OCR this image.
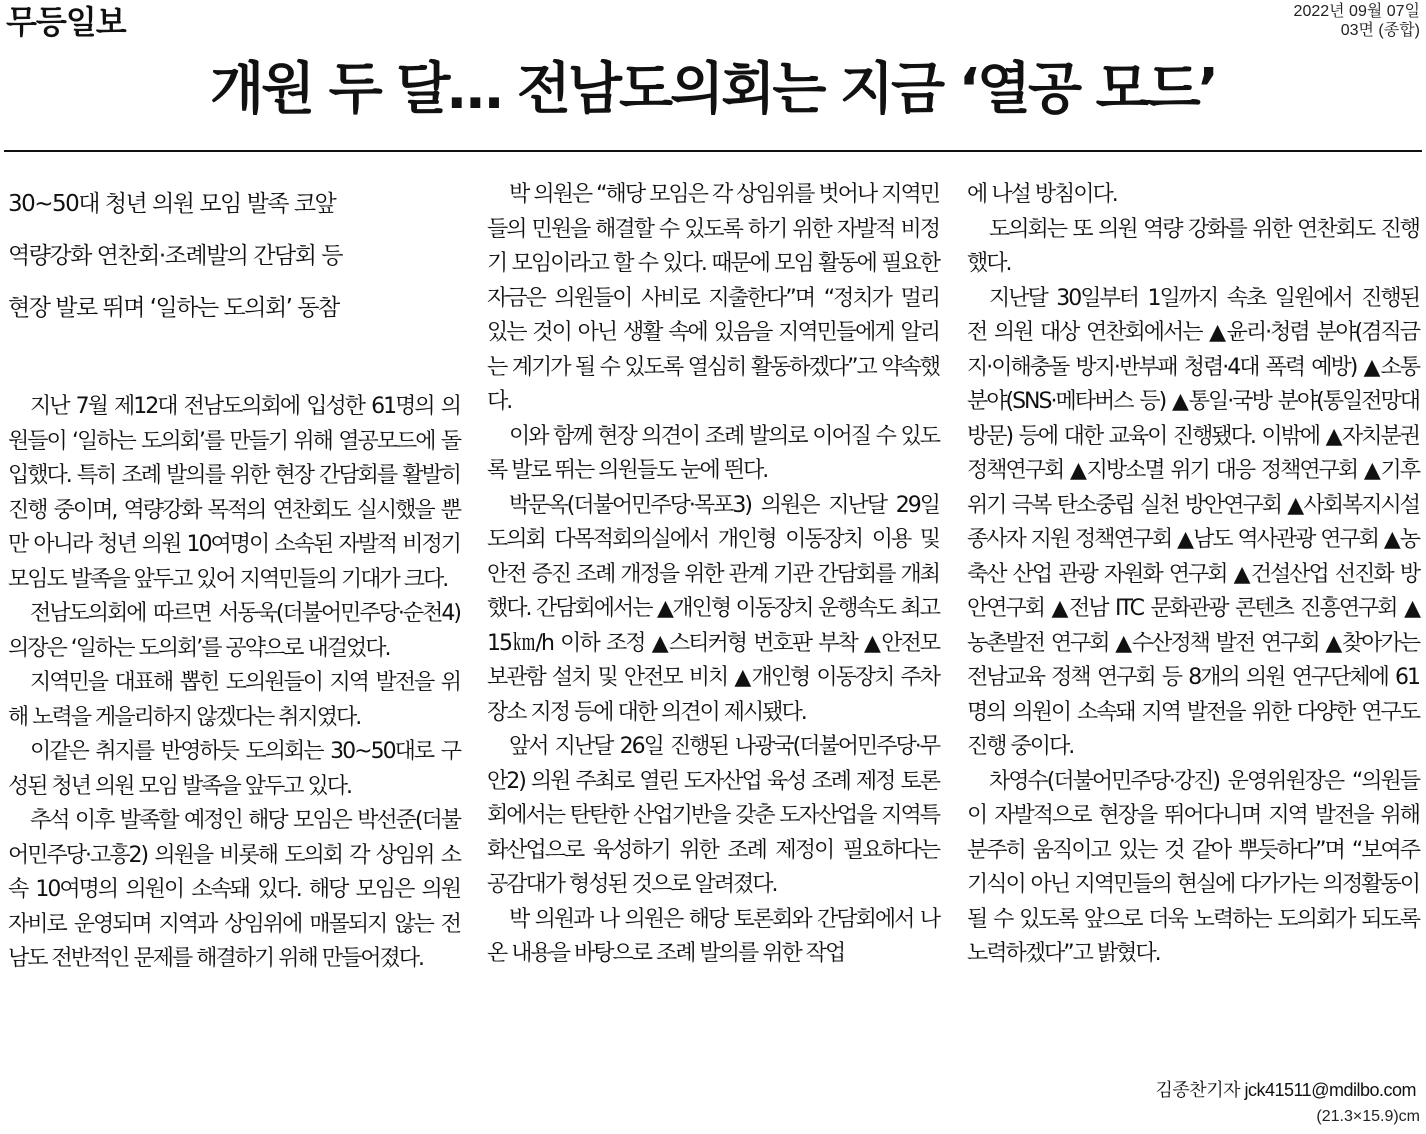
무등일보	2022년 09월 07일
03면 (종합)
개원 두 달… 전남도의회는 지금 ‘열공 모드’
30~50대 청년 의원 모임 발족 코앞
역량강화 연찬회·조례발의 간담회 등
현장 발로 뛰며 ‘일하는 도의회’ 동참

지난 7월 제12대 전남도의회에 입성한 61명의 의원들이 ‘일하는 도의회’를 만들기 위해 열공모드에 돌입했다. 특히 조례 발의를 위한 현장 간담회를 활발히 진행 중이며, 역량강화 목적의 연찬회도 실시했을 뿐만 아니라 청년 의원 10여명이 소속된 자발적 비정기 모임도 발족을 앞두고 있어 지역민들의 기대가 크다.

전남도의회에 따르면 서동욱(더불어민주당·순천4) 의장은 ‘일하는 도의회’를 공약으로 내걸었다.

지역민을 대표해 뽑힌 도의원들이 지역 발전을 위해 노력을 게을리하지 않겠다는 취지였다.

이같은 취지를 반영하듯 도의회는 30~50대로 구성된 청년 의원 모임 발족을 앞두고 있다.

추석 이후 발족할 예정인 해당 모임은 박선준(더불어민주당·고흥2) 의원을 비롯해 도의회 각 상임위 소속 10여명의 의원이 소속돼 있다. 해당 모임은 의원 자비로 운영되며 지역과 상임위에 매몰되지 않는 전남도 전반적인 문제를 해결하기 위해 만들어졌다.

박 의원은 “해당 모임은 각 상임위를 벗어나 지역민들의 민원을 해결할 수 있도록 하기 위한 자발적 비정기 모임이라고 할 수 있다. 때문에 모임 활동에 필요한 자금은 의원들이 사비로 지출한다”며 “정치가 멀리 있는 것이 아닌 생활 속에 있음을 지역민들에게 알리는 계기가 될 수 있도록 열심히 활동하겠다”고 약속했다.

이와 함께 현장 의견이 조례 발의로 이어질 수 있도록 발로 뛰는 의원들도 눈에 띈다.

박문옥(더불어민주당·목포3) 의원은 지난달 29일 도의회 다목적회의실에서 개인형 이동장치 이용 및 안전 증진 조례 개정을 위한 관계 기관 간담회를 개최했다. 간담회에서는 ▲개인형 이동장치 운행속도 최고 15㎞/h 이하 조정 ▲스티커형 번호판 부착 ▲안전모 보관함 설치 및 안전모 비치 ▲개인형 이동장치 주차장소 지정 등에 대한 의견이 제시됐다.

앞서 지난달 26일 진행된 나광국(더불어민주당·무안2) 의원 주최로 열린 도자산업 육성 조례 제정 토론회에서는 탄탄한 산업기반을 갖춘 도자산업을 지역특화산업으로 육성하기 위한 조례 제정이 필요하다는 공감대가 형성된 것으로 알려졌다.

박 의원과 나 의원은 해당 토론회와 간담회에서 나온 내용을 바탕으로 조례 발의를 위한 작업

에 나설 방침이다.

도의회는 또 의원 역량 강화를 위한 연찬회도 진행했다.

지난달 30일부터 1일까지 속초 일원에서 진행된 전 의원 대상 연찬회에서는 ▲윤리·청렴 분야(겸직금지·이해충돌 방지·반부패 청렴·4대 폭력 예방) ▲소통 분야(SNS·메타버스 등) ▲통일·국방 분야(통일전망대 방문) 등에 대한 교육이 진행됐다. 이밖에 ▲자치분권 정책연구회 ▲지방소멸 위기 대응 정책연구회 ▲기후위기 극복 탄소중립 실천 방안연구회 ▲사회복지시설 종사자 지원 정책연구회 ▲남도 역사관광 연구회 ▲농축산 산업 관광 자원화 연구회 ▲건설산업 선진화 방안연구회 ▲전남 ITC 문화관광 콘텐츠 진흥연구회 ▲농촌발전 연구회 ▲수산정책 발전 연구회 ▲찾아가는 전남교육 정책 연구회 등 8개의 의원 연구단체에 61명의 의원이 소속돼 지역 발전을 위한 다양한 연구도 진행 중이다.

차영수(더불어민주당·강진) 운영위원장은 “의원들이 자발적으로 현장을 뛰어다니며 지역 발전을 위해 분주히 움직이고 있는 것 같아 뿌듯하다”며 “보여주기식이 아닌 지역민들의 현실에 다가가는 의정활동이 될 수 있도록 앞으로 더욱 노력하는 도의회가 되도록 노력하겠다”고 밝혔다.

김종찬기자 jck41511@mdilbo.com
(21.3×15.9)cm
